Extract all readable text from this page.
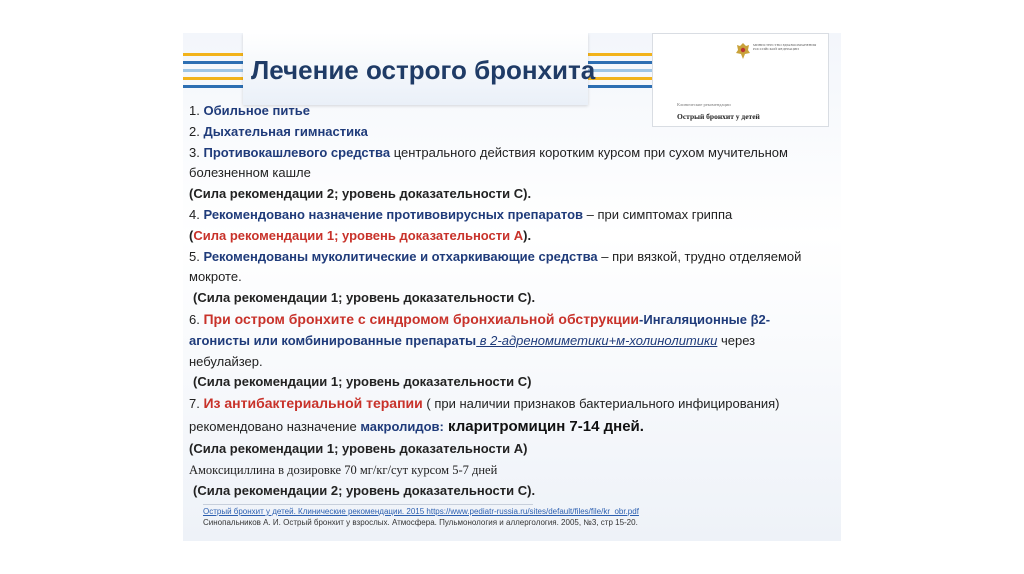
Лечение острого бронхита
МИНИСТЕРСТВО ЗДРАВООХРАНЕНИЯ РОССИЙСКОЙ ФЕДЕРАЦИИ
Клинические рекомендации
Острый бронхит у детей

1. Обильное питье

2. Дыхательная гимнастика

3. Противокашлевого средства центрального действия коротким курсом при сухом мучительном

болезненном кашле

(Сила рекомендации 2; уровень доказательности С).

4. Рекомендовано назначение противовирусных препаратов – при симптомах гриппа

(Сила рекомендации 1; уровень доказательности А).

5. Рекомендованы муколитические и отхаркивающие средства – при вязкой, трудно отделяемой

мокроте.

(Сила рекомендации 1; уровень доказательности С).

6. При остром бронхите с синдромом бронхиальной обструкции-Ингаляционные β2-

агонисты или комбинированные препараты в 2-адреномиметики+м-холинолитики через

небулайзер.

(Сила рекомендации 1; уровень доказательности С)

7. Из антибактериальной терапии ( при наличии признаков бактериального инфицирования)

рекомендовано назначение макролидов: кларитромицин 7-14 дней.

(Сила рекомендации 1; уровень доказательности А)

Амоксициллина в дозировке 70 мг/кг/сут курсом 5-7 дней

(Сила рекомендации 2; уровень доказательности С).

Острый бронхит у детей. Клинические рекомендации. 2015 https://www.pediatr-russia.ru/sites/default/files/file/kr_obr.pdf

Синопальников А. И. Острый бронхит у взрослых. Атмосфера. Пульмонология и аллергология. 2005, №3, стр 15-20.
